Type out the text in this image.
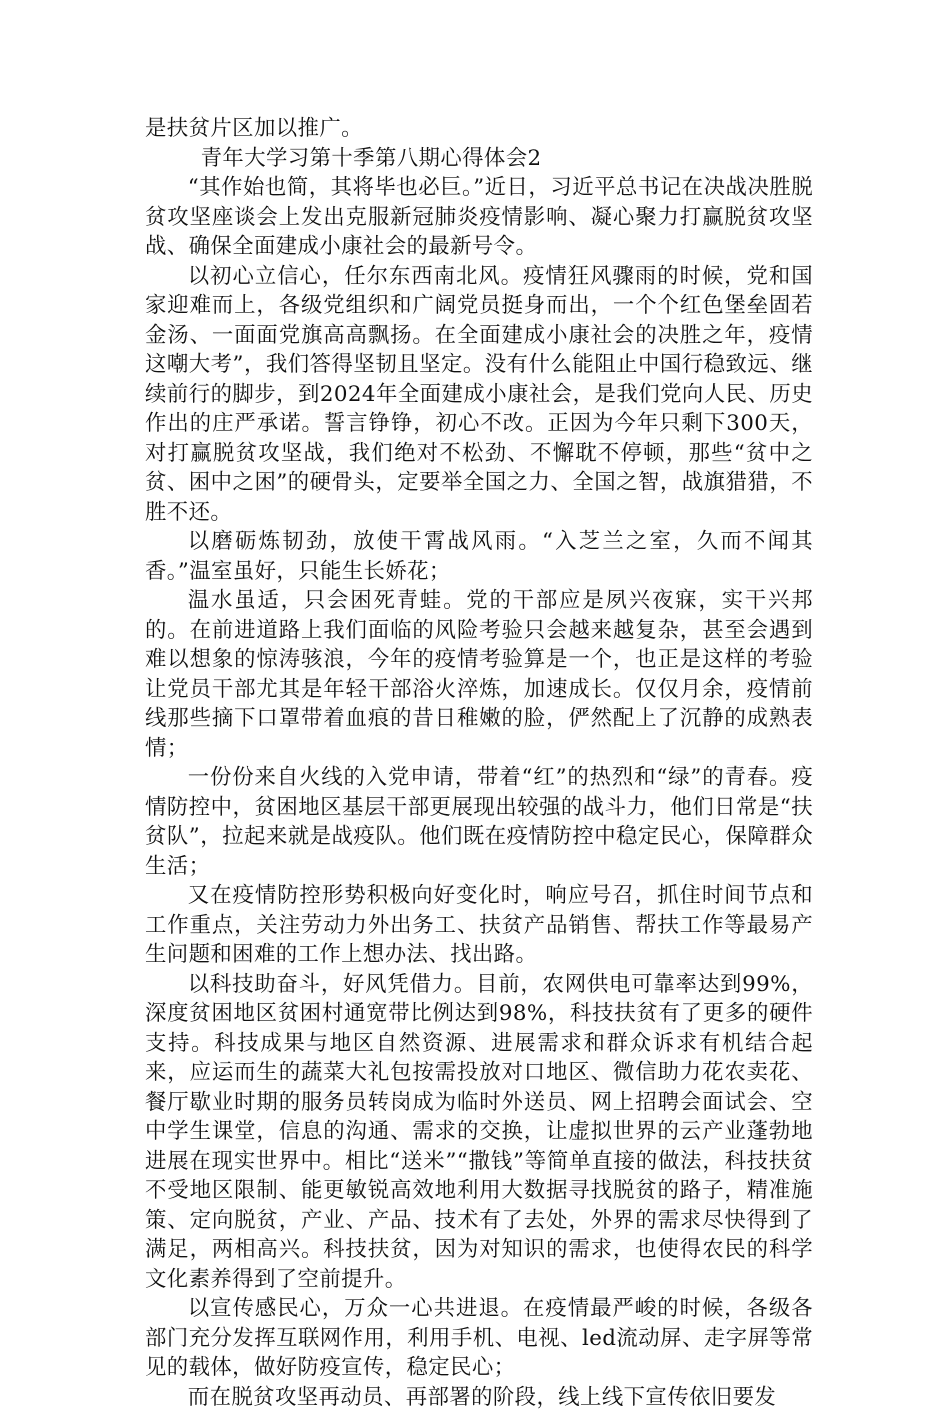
是扶贫片区加以推广。

青年大学习第十季第八期心得体会2

“其作始也简，其将毕也必巨。”近日，习近平总书记在决战决胜脱贫攻坚座谈会上发出克服新冠肺炎疫情影响、凝心聚力打赢脱贫攻坚战、确保全面建成小康社会的最新号令。

以初心立信心，任尔东西南北风。疫情狂风骤雨的时候，党和国家迎难而上，各级党组织和广阔党员挺身而出，一个个红色堡垒固若金汤、一面面党旗高高飘扬。在全面建成小康社会的决胜之年，疫情这嘲大考”，我们答得坚韧且坚定。没有什么能阻止中国行稳致远、继续前行的脚步，到2024年全面建成小康社会，是我们党向人民、历史作出的庄严承诺。誓言铮铮，初心不改。正因为今年只剩下300天，对打赢脱贫攻坚战，我们绝对不松劲、不懈耽不停顿，那些“贫中之贫、困中之困”的硬骨头，定要举全国之力、全国之智，战旗猎猎，不胜不还。

以磨砺炼韧劲，放使干霄战风雨。“入芝兰之室，久而不闻其香。”温室虽好，只能生长娇花；

温水虽适，只会困死青蛙。党的干部应是夙兴夜寐，实干兴邦的。在前进道路上我们面临的风险考验只会越来越复杂，甚至会遇到难以想象的惊涛骇浪，今年的疫情考验算是一个，也正是这样的考验让党员干部尤其是年轻干部浴火淬炼，加速成长。仅仅月余，疫情前线那些摘下口罩带着血痕的昔日稚嫩的脸，俨然配上了沉静的成熟表情；

一份份来自火线的入党申请，带着“红”的热烈和“绿”的青春。疫情防控中，贫困地区基层干部更展现出较强的战斗力，他们日常是“扶贫队”，拉起来就是战疫队。他们既在疫情防控中稳定民心，保障群众生活；

又在疫情防控形势积极向好变化时，响应号召，抓住时间节点和工作重点，关注劳动力外出务工、扶贫产品销售、帮扶工作等最易产生问题和困难的工作上想办法、找出路。

以科技助奋斗，好风凭借力。目前，农网供电可靠率达到99%，深度贫困地区贫困村通宽带比例达到98%，科技扶贫有了更多的硬件支持。科技成果与地区自然资源、进展需求和群众诉求有机结合起来，应运而生的蔬菜大礼包按需投放对口地区、微信助力花农卖花、餐厅歇业时期的服务员转岗成为临时外送员、网上招聘会面试会、空中学生课堂，信息的沟通、需求的交换，让虚拟世界的云产业蓬勃地进展在现实世界中。相比“送米”“撒钱”等简单直接的做法，科技扶贫不受地区限制、能更敏锐高效地利用大数据寻找脱贫的路子，精准施策、定向脱贫，产业、产品、技术有了去处，外界的需求尽快得到了满足，两相高兴。科技扶贫，因为对知识的需求，也使得农民的科学文化素养得到了空前提升。

以宣传感民心，万众一心共进退。在疫情最严峻的时候，各级各部门充分发挥互联网作用，利用手机、电视、led流动屏、走字屏等常见的载体，做好防疫宣传，稳定民心；

而在脱贫攻坚再动员、再部署的阶段，线上线下宣传依旧要发
